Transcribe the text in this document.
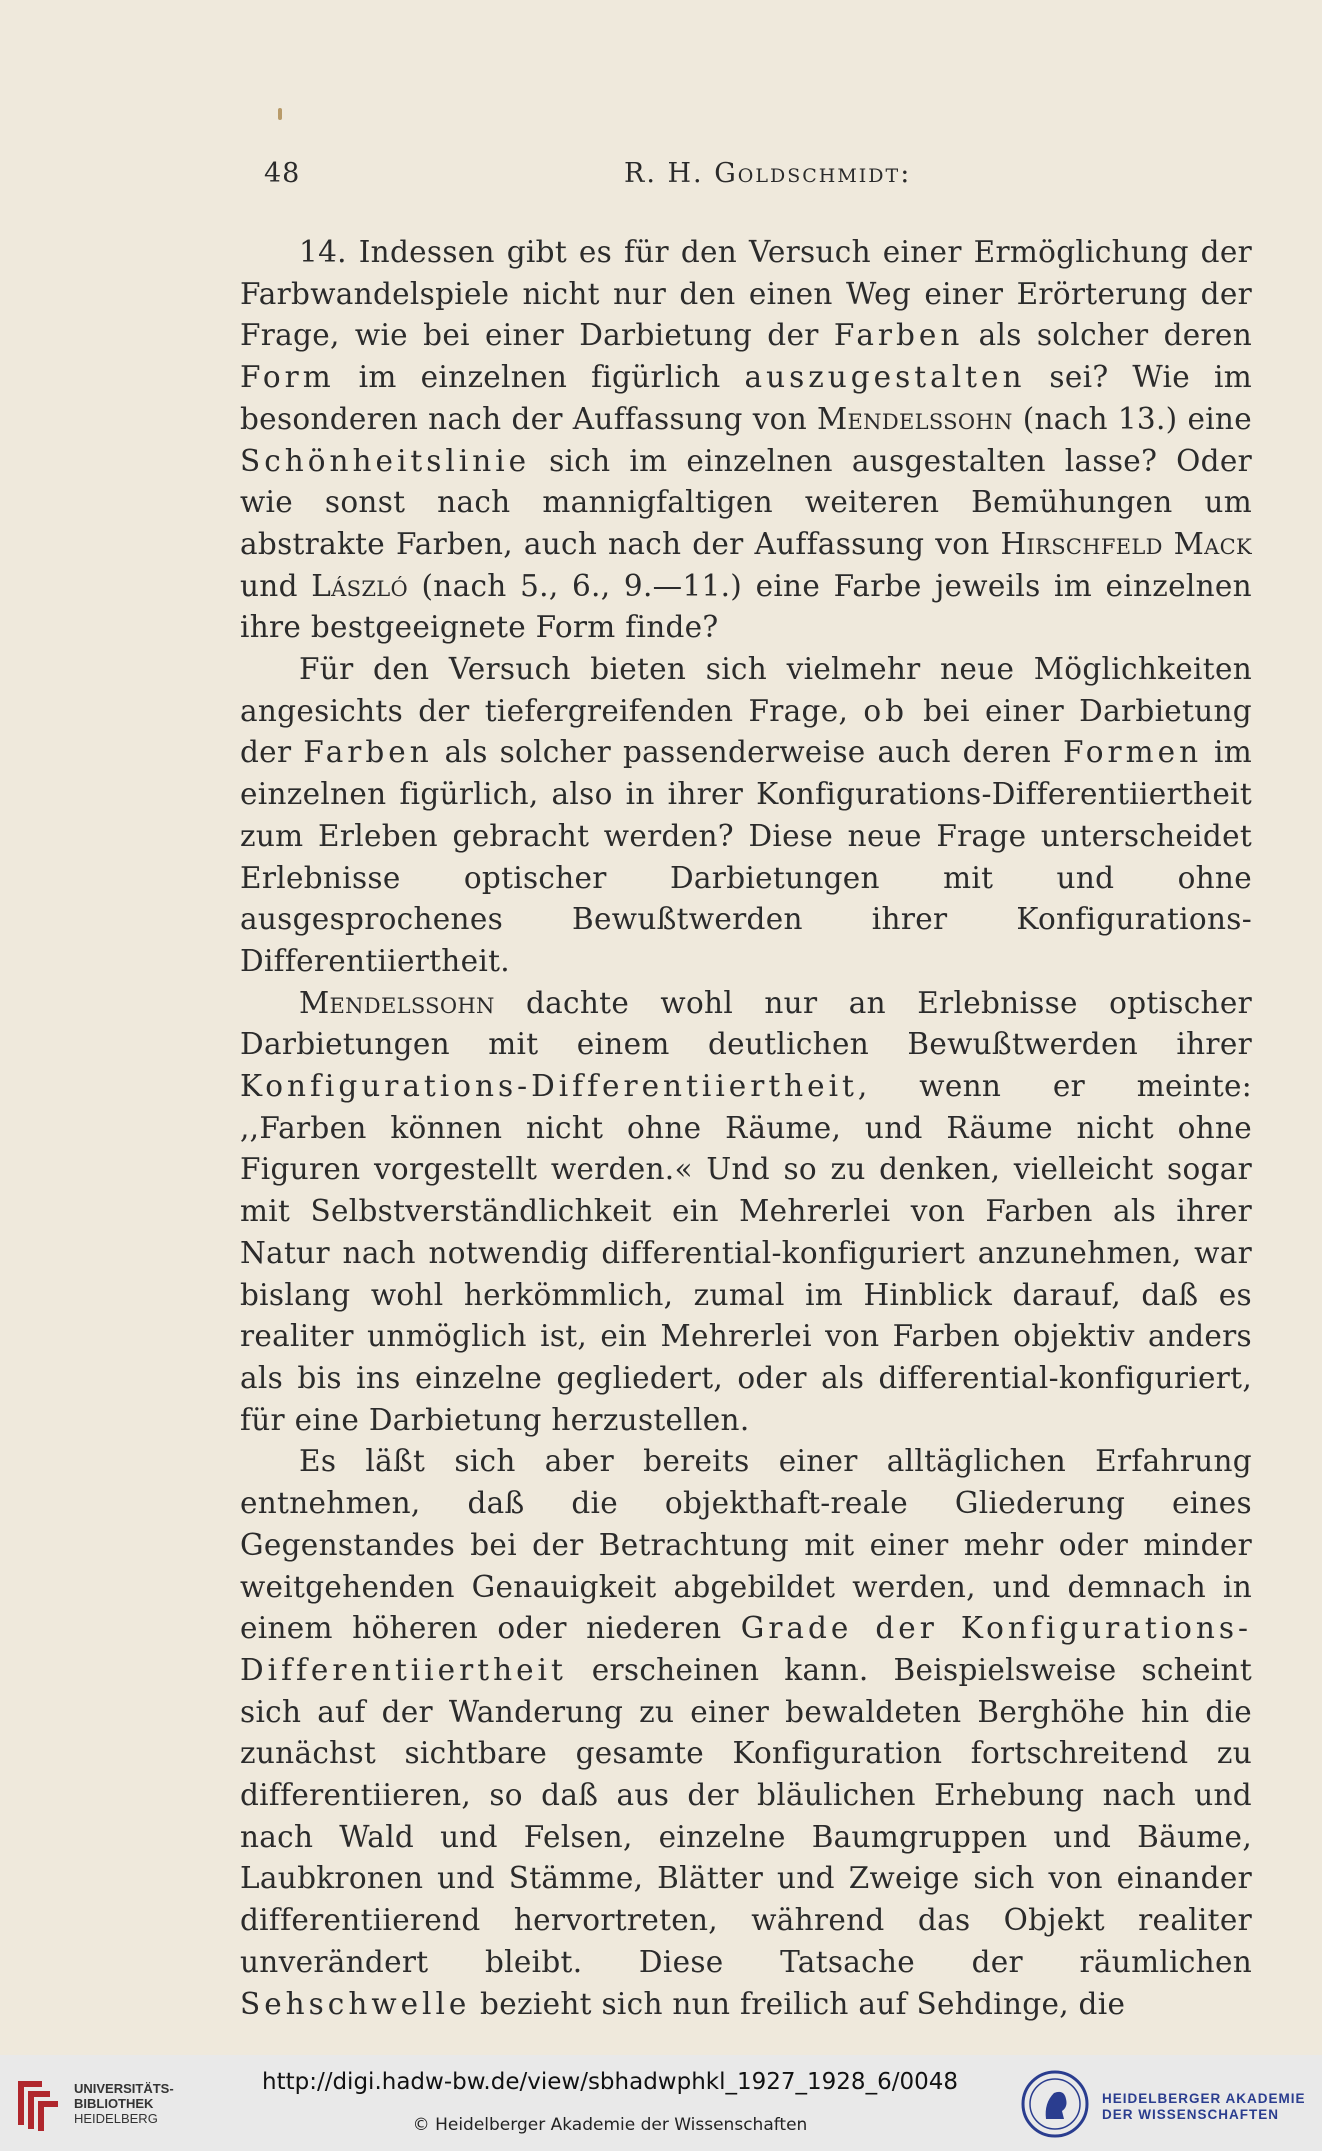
48	R. H. Goldschmidt:

14. Indessen gibt es für den Versuch einer Ermöglichung der Farbwandelspiele nicht nur den einen Weg einer Erörterung der Frage, wie bei einer Darbietung der Farben als solcher deren Form im einzelnen figürlich auszugestalten sei? Wie im besonderen nach der Auffassung von Mendelssohn (nach 13.) eine Schönheitslinie sich im einzelnen ausgestalten lasse? Oder wie sonst nach mannigfaltigen weiteren Bemühungen um abstrakte Farben, auch nach der Auffassung von Hirschfeld Mack und László (nach 5., 6., 9.—11.) eine Farbe jeweils im einzelnen ihre bestgeeignete Form finde?

Für den Versuch bieten sich vielmehr neue Möglichkeiten angesichts der tiefergreifenden Frage, ob bei einer Darbietung der Farben als solcher passenderweise auch deren Formen im einzelnen figürlich, also in ihrer Konfigurations-Differentiiertheit zum Erleben gebracht werden? Diese neue Frage unterscheidet Erlebnisse optischer Darbietungen mit und ohne ausgesprochenes Bewußtwerden ihrer Konfigurations-Differentiiertheit.

Mendelssohn dachte wohl nur an Erlebnisse optischer Darbietungen mit einem deutlichen Bewußtwerden ihrer Konfigurations-Differentiiertheit, wenn er meinte: ,,Farben können nicht ohne Räume, und Räume nicht ohne Figuren vorgestellt werden.« Und so zu denken, vielleicht sogar mit Selbstverständlichkeit ein Mehrerlei von Farben als ihrer Natur nach notwendig differential-konfiguriert anzunehmen, war bislang wohl herkömmlich, zumal im Hinblick darauf, daß es realiter unmöglich ist, ein Mehrerlei von Farben objektiv anders als bis ins einzelne gegliedert, oder als differential-konfiguriert, für eine Darbietung herzustellen.

Es läßt sich aber bereits einer alltäglichen Erfahrung entnehmen, daß die objekthaft-reale Gliederung eines Gegenstandes bei der Betrachtung mit einer mehr oder minder weitgehenden Genauigkeit abgebildet werden, und demnach in einem höheren oder niederen Grade der Konfigurations-Differentiiertheit erscheinen kann. Beispielsweise scheint sich auf der Wanderung zu einer bewaldeten Berghöhe hin die zunächst sichtbare gesamte Konfiguration fortschreitend zu differentiieren, so daß aus der bläulichen Erhebung nach und nach Wald und Felsen, einzelne Baumgruppen und Bäume, Laubkronen und Stämme, Blätter und Zweige sich von einander differentiierend hervortreten, während das Objekt realiter unverändert bleibt. Diese Tatsache der räumlichen Sehschwelle bezieht sich nun freilich auf Sehdinge, die

UNIVERSITÄTS-
BIBLIOTHEK
HEIDELBERG
http://digi.hadw-bw.de/view/sbhadwphkl_1927_1928_6/0048
© Heidelberger Akademie der Wissenschaften
HEIDELBERGER AKADEMIE
DER WISSENSCHAFTEN
